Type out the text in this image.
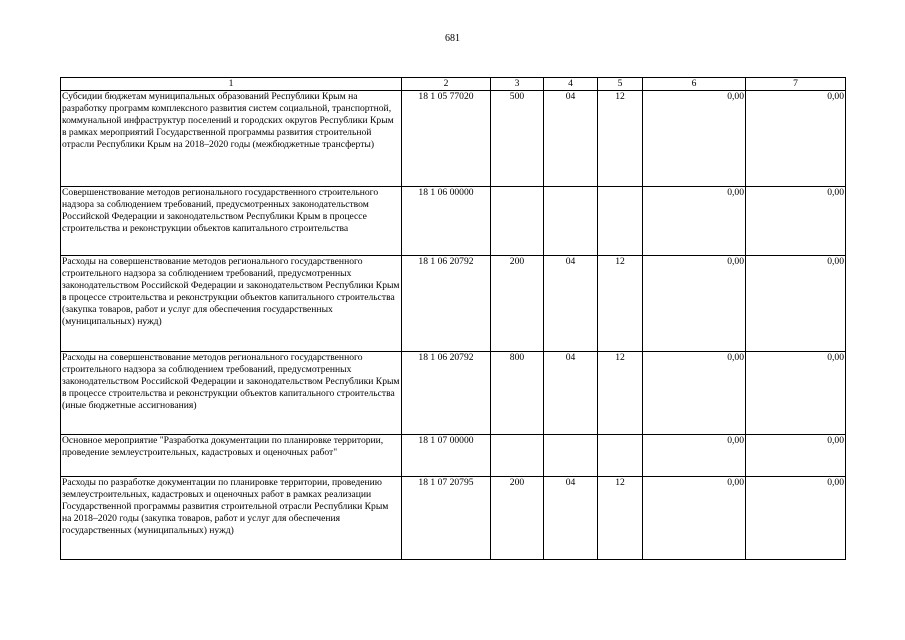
681
1	2	3	4	5	6	7
Субсидии бюджетам муниципальных образований Республики Крым на разработку программ комплексного развития систем социальной, транспортной, коммунальной инфраструктур поселений и городских округов Республики Крым в рамках мероприятий Государственной программы развития строительной отрасли Республики Крым на 2018–2020 годы (межбюджетные трансферты)	18 1 05 77020	500	04	12	0,00	0,00
Совершенствование методов регионального государственного строительного надзора за соблюдением требований, предусмотренных законодательством Российской Федерации и законодательством Республики Крым в процессе строительства и реконструкции объектов капитального строительства	18 1 06 00000				0,00	0,00
Расходы на совершенствование методов регионального государственного строительного надзора за соблюдением требований, предусмотренных законодательством Российской Федерации и законодательством Республики Крым в процессе строительства и реконструкции объектов капитального строительства (закупка товаров, работ и услуг для обеспечения государственных (муниципальных) нужд)	18 1 06 20792	200	04	12	0,00	0,00
Расходы на совершенствование методов регионального государственного строительного надзора за соблюдением требований, предусмотренных законодательством Российской Федерации и законодательством Республики Крым в процессе строительства и реконструкции объектов капитального строительства (иные бюджетные ассигнования)	18 1 06 20792	800	04	12	0,00	0,00
Основное мероприятие "Разработка документации по планировке территории, проведение землеустроительных, кадастровых и оценочных работ"	18 1 07 00000				0,00	0,00
Расходы по разработке документации по планировке территории, проведению землеустроительных, кадастровых и оценочных работ в рамках реализации Государственной программы развития строительной отрасли Республики Крым на 2018–2020 годы (закупка товаров, работ и услуг для обеспечения государственных (муниципальных) нужд)	18 1 07 20795	200	04	12	0,00	0,00
